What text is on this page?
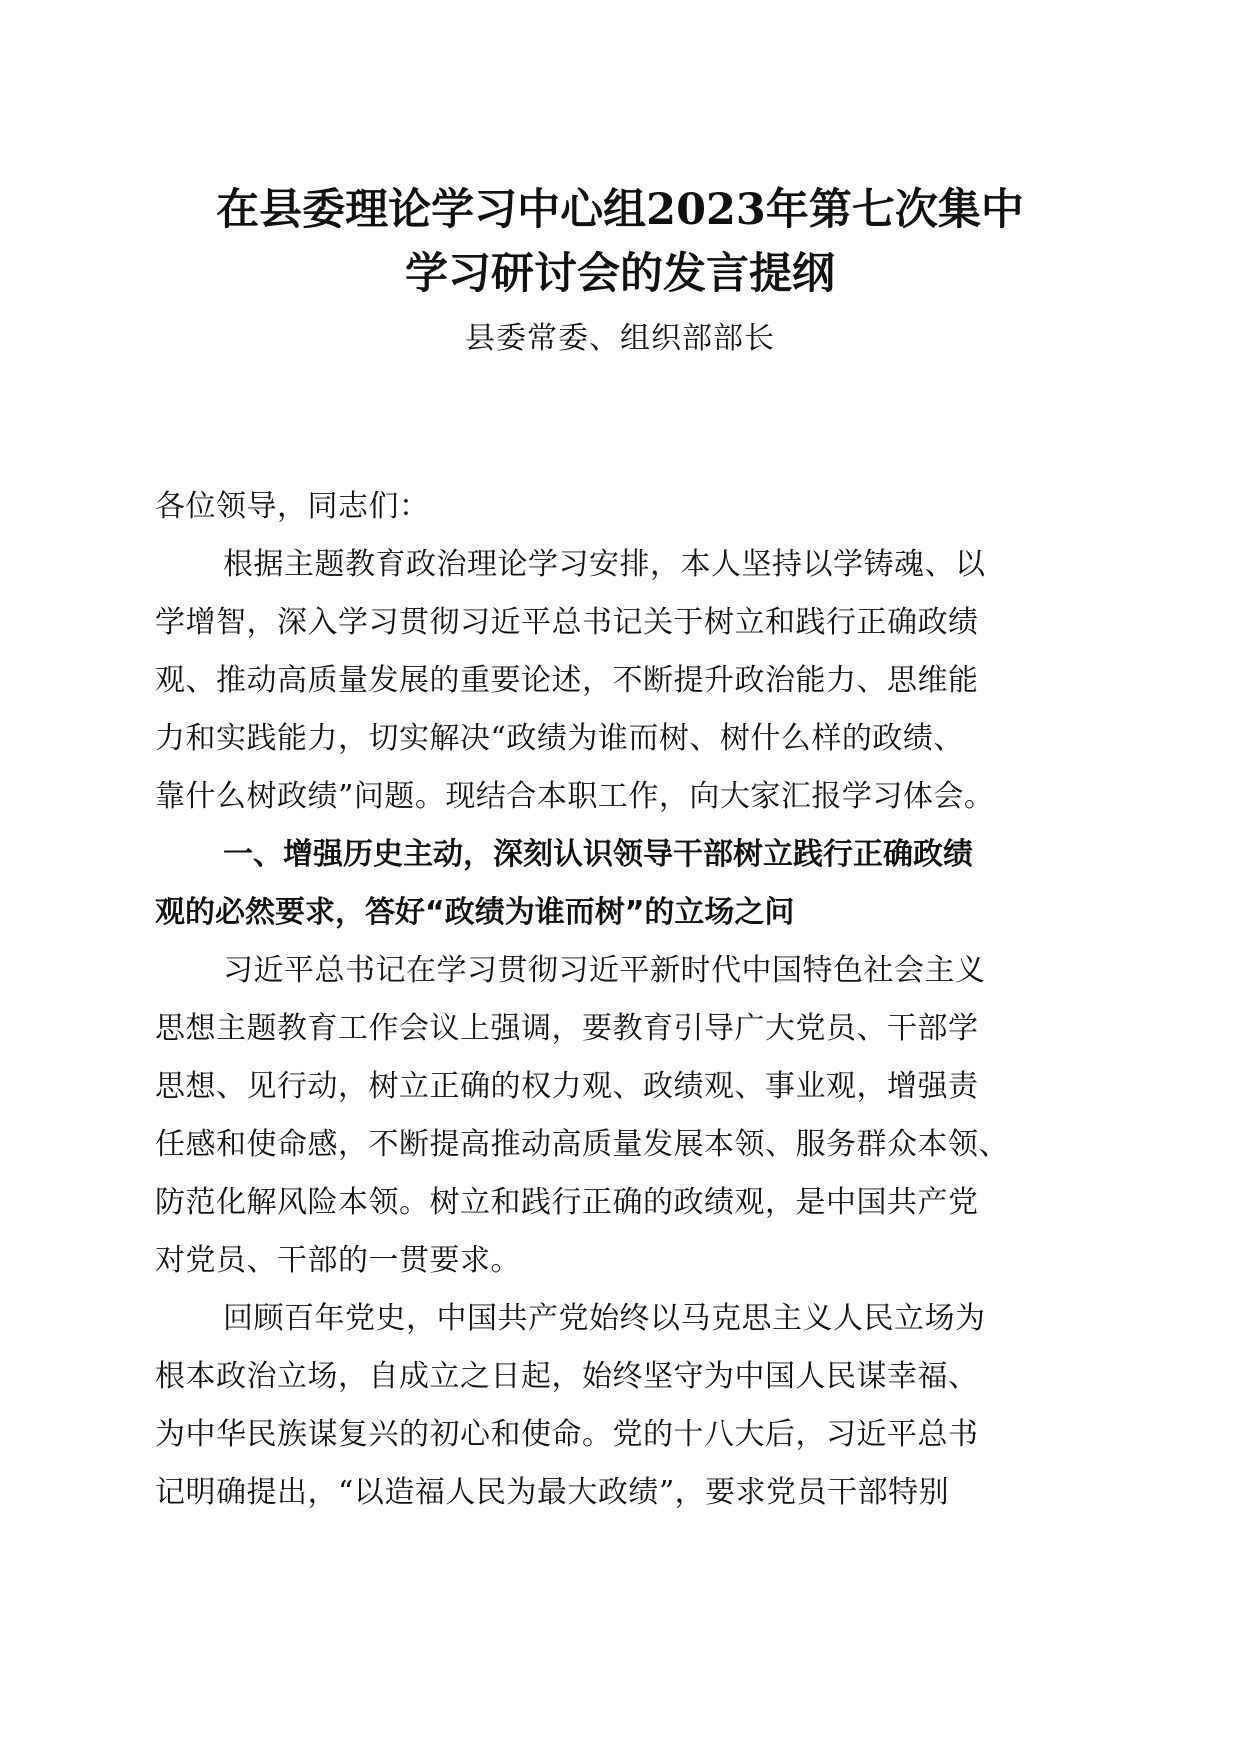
在县委理论学习中心组2023年第七次集中
学习研讨会的发言提纲
县委常委、组织部部长
各位领导，同志们：
根据主题教育政治理论学习安排，本人坚持以学铸魂、以
学增智，深入学习贯彻习近平总书记关于树立和践行正确政绩
观、推动高质量发展的重要论述，不断提升政治能力、思维能
力和实践能力，切实解决“政绩为谁而树、树什么样的政绩、
靠什么树政绩”问题。现结合本职工作，向大家汇报学习体会。
一、增强历史主动，深刻认识领导干部树立践行正确政绩
观的必然要求，答好“政绩为谁而树”的立场之问
习近平总书记在学习贯彻习近平新时代中国特色社会主义
思想主题教育工作会议上强调，要教育引导广大党员、干部学
思想、见行动，树立正确的权力观、政绩观、事业观，增强责
任感和使命感，不断提高推动高质量发展本领、服务群众本领、
防范化解风险本领。树立和践行正确的政绩观，是中国共产党
对党员、干部的一贯要求。
回顾百年党史，中国共产党始终以马克思主义人民立场为
根本政治立场，自成立之日起，始终坚守为中国人民谋幸福、
为中华民族谋复兴的初心和使命。党的十八大后，习近平总书
记明确提出，“以造福人民为最大政绩”，要求党员干部特别
